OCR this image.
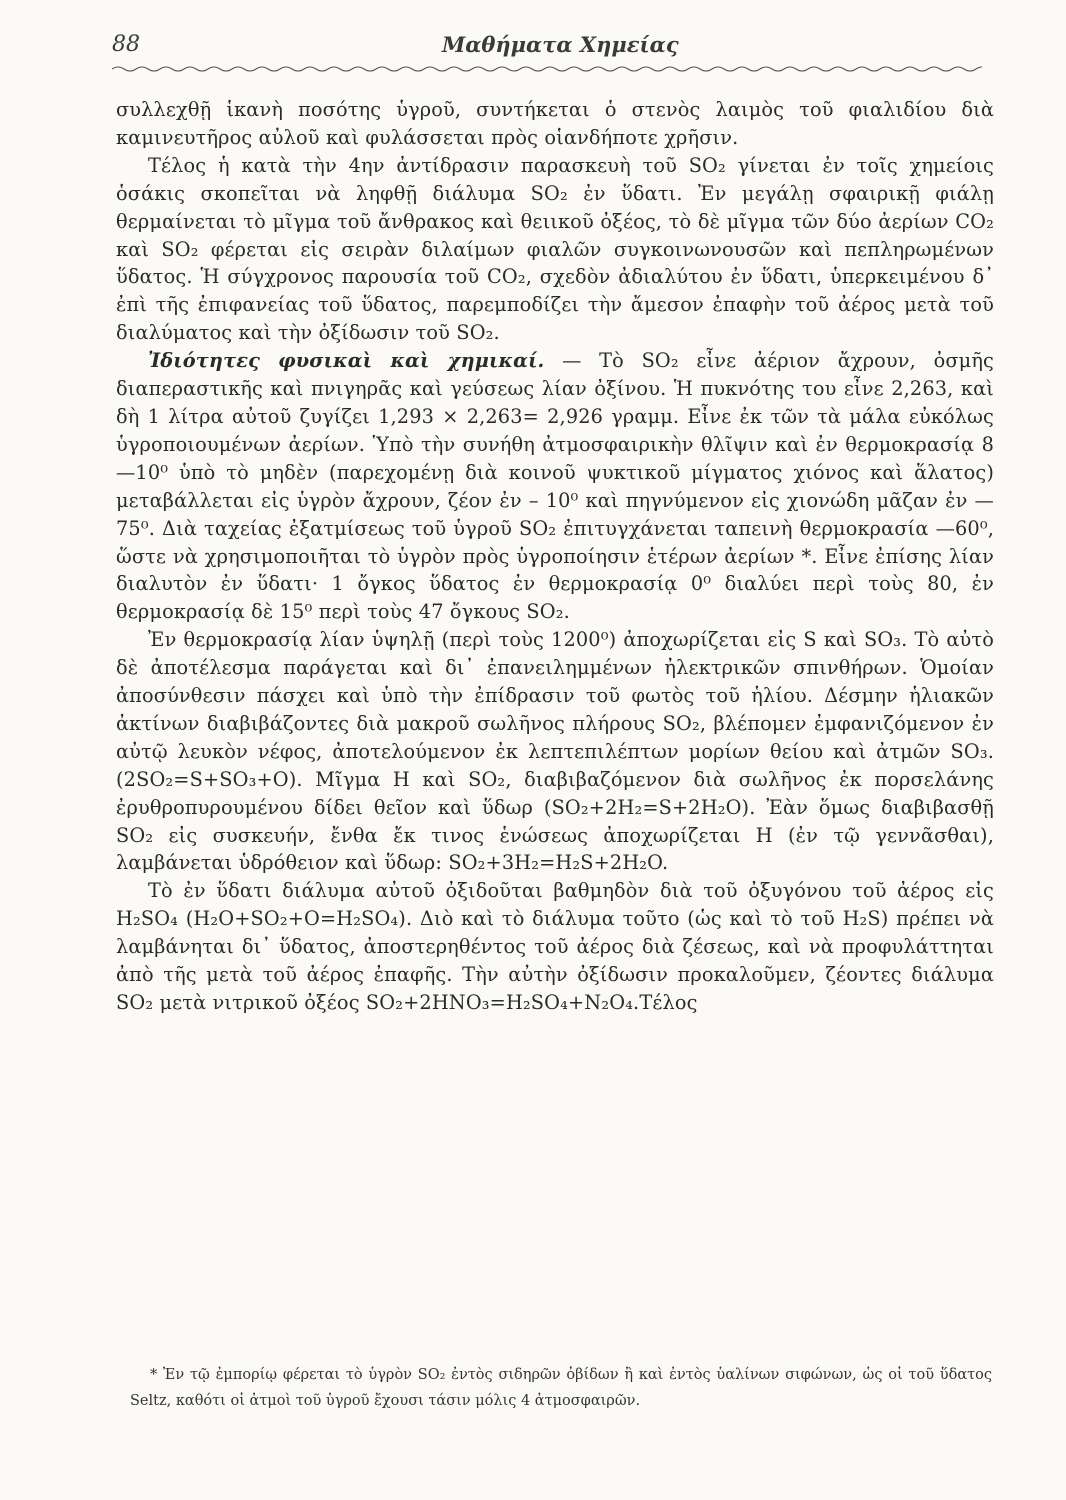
88	Μαθήματα Χημείας

συλλεχθῇ ἱκανὴ ποσότης ὑγροῦ, συντήκεται ὁ στενὸς λαιμὸς τοῦ φιαλιδίου διὰ καμινευτῆρος αὐλοῦ καὶ φυλάσσεται πρὸς οἱανδήποτε χρῆσιν.

Τέλος ἡ κατὰ τὴν 4ην ἀντίδρασιν παρασκευὴ τοῦ SO₂ γίνεται ἐν τοῖς χημείοις ὁσάκις σκοπεῖται νὰ ληφθῇ διάλυμα SO₂ ἐν ὕδατι. Ἐν μεγάλῃ σφαιρικῇ φιάλῃ θερμαίνεται τὸ μῖγμα τοῦ ἄνθρακος καὶ θειικοῦ ὀξέος, τὸ δὲ μῖγμα τῶν δύο ἀερίων CO₂ καὶ SO₂ φέρεται εἰς σειρὰν διλαίμων φιαλῶν συγκοινωνουσῶν καὶ πεπληρωμένων ὕδατος. Ἡ σύγχρονος παρουσία τοῦ CO₂, σχεδὸν ἀδιαλύτου ἐν ὕδατι, ὑπερκειμένου δ᾿ ἐπὶ τῆς ἐπιφανείας τοῦ ὕδατος, παρεμποδίζει τὴν ἄμεσον ἐπαφὴν τοῦ ἀέρος μετὰ τοῦ διαλύματος καὶ τὴν ὀξίδωσιν τοῦ SO₂.

Ἰδιότητες φυσικαὶ καὶ χημικαί. — Τὸ SO₂ εἶνε ἀέριον ἄχρουν, ὀσμῆς διαπεραστικῆς καὶ πνιγηρᾶς καὶ γεύσεως λίαν ὀξίνου. Ἡ πυκνότης του εἶνε 2,263, καὶ δὴ 1 λίτρα αὐτοῦ ζυγίζει 1,293 × 2,263= 2,926 γραμμ. Εἶνε ἐκ τῶν τὰ μάλα εὐκόλως ὑγροποιουμένων ἀερίων. Ὑπὸ τὴν συνήθη ἀτμοσφαιρικὴν θλῖψιν καὶ ἐν θερμοκρασίᾳ 8—10⁰ ὑπὸ τὸ μηδὲν (παρεχομένῃ διὰ κοινοῦ ψυκτικοῦ μίγματος χιόνος καὶ ἅλατος) μεταβάλλεται εἰς ὑγρὸν ἄχρουν, ζέον ἐν – 10⁰ καὶ πηγνύμενον εἰς χιονώδη μᾶζαν ἐν —75⁰. Διὰ ταχείας ἐξατμίσεως τοῦ ὑγροῦ SO₂ ἐπιτυγχάνεται ταπεινὴ θερμοκρασία —60⁰, ὥστε νὰ χρησιμοποιῆται τὸ ὑγρὸν πρὸς ὑγροποίησιν ἑτέρων ἀερίων *. Εἶνε ἐπίσης λίαν διαλυτὸν ἐν ὕδατι· 1 ὄγκος ὕδατος ἐν θερμοκρασίᾳ 0⁰ διαλύει περὶ τοὺς 80, ἐν θερμοκρασίᾳ δὲ 15⁰ περὶ τοὺς 47 ὄγκους SO₂.

Ἐν θερμοκρασίᾳ λίαν ὑψηλῇ (περὶ τοὺς 1200⁰) ἀποχωρίζεται εἰς S καὶ SO₃. Τὸ αὐτὸ δὲ ἀποτέλεσμα παράγεται καὶ δι᾿ ἐπανειλημμένων ἠλεκτρικῶν σπινθήρων. Ὁμοίαν ἀποσύνθεσιν πάσχει καὶ ὑπὸ τὴν ἐπίδρασιν τοῦ φωτὸς τοῦ ἡλίου. Δέσμην ἡλιακῶν ἀκτίνων διαβιβάζοντες διὰ μακροῦ σωλῆνος πλήρους SO₂, βλέπομεν ἐμφανιζόμενον ἐν αὐτῷ λευκὸν νέφος, ἀποτελούμενον ἐκ λεπτεπιλέπτων μορίων θείου καὶ ἀτμῶν SO₃. (2SO₂=S+SO₃+O). Μῖγμα H καὶ SO₂, διαβιβαζόμενον διὰ σωλῆνος ἐκ πορσελάνης ἐρυθροπυρουμένου δίδει θεῖον καὶ ὕδωρ (SO₂+2H₂=S+2H₂O). Ἐὰν ὅμως διαβιβασθῇ SO₂ εἰς συσκευήν, ἔνθα ἔκ τινος ἑνώσεως ἀποχωρίζεται H (ἐν τῷ γεννᾶσθαι), λαμβάνεται ὑδρόθειον καὶ ὕδωρ: SO₂+3H₂=H₂S+2H₂O.

Τὸ ἐν ὕδατι διάλυμα αὐτοῦ ὀξιδοῦται βαθμηδὸν διὰ τοῦ ὀξυγόνου τοῦ ἀέρος εἰς H₂SO₄ (H₂O+SO₂+O=H₂SO₄). Διὸ καὶ τὸ διάλυμα τοῦτο (ὡς καὶ τὸ τοῦ H₂S) πρέπει νὰ λαμβάνηται δι᾿ ὕδατος, ἀποστερηθέντος τοῦ ἀέρος διὰ ζέσεως, καὶ νὰ προφυλάττηται ἀπὸ τῆς μετὰ τοῦ ἀέρος ἐπαφῆς. Τὴν αὐτὴν ὀξίδωσιν προκαλοῦμεν, ζέοντες διάλυμα SO₂ μετὰ νιτρικοῦ ὀξέος SO₂+2HNO₃=H₂SO₄+N₂O₄.Τέλος

* Ἐν τῷ ἐμπορίῳ φέρεται τὸ ὑγρὸν SO₂ ἐντὸς σιδηρῶν ὀβίδων ἢ καὶ ἐντὸς ὑαλίνων σιφώνων, ὡς οἱ τοῦ ὕδατος Seltz, καθότι οἱ ἀτμοὶ τοῦ ὑγροῦ ἔχουσι τάσιν μόλις 4 ἀτμοσφαιρῶν.
